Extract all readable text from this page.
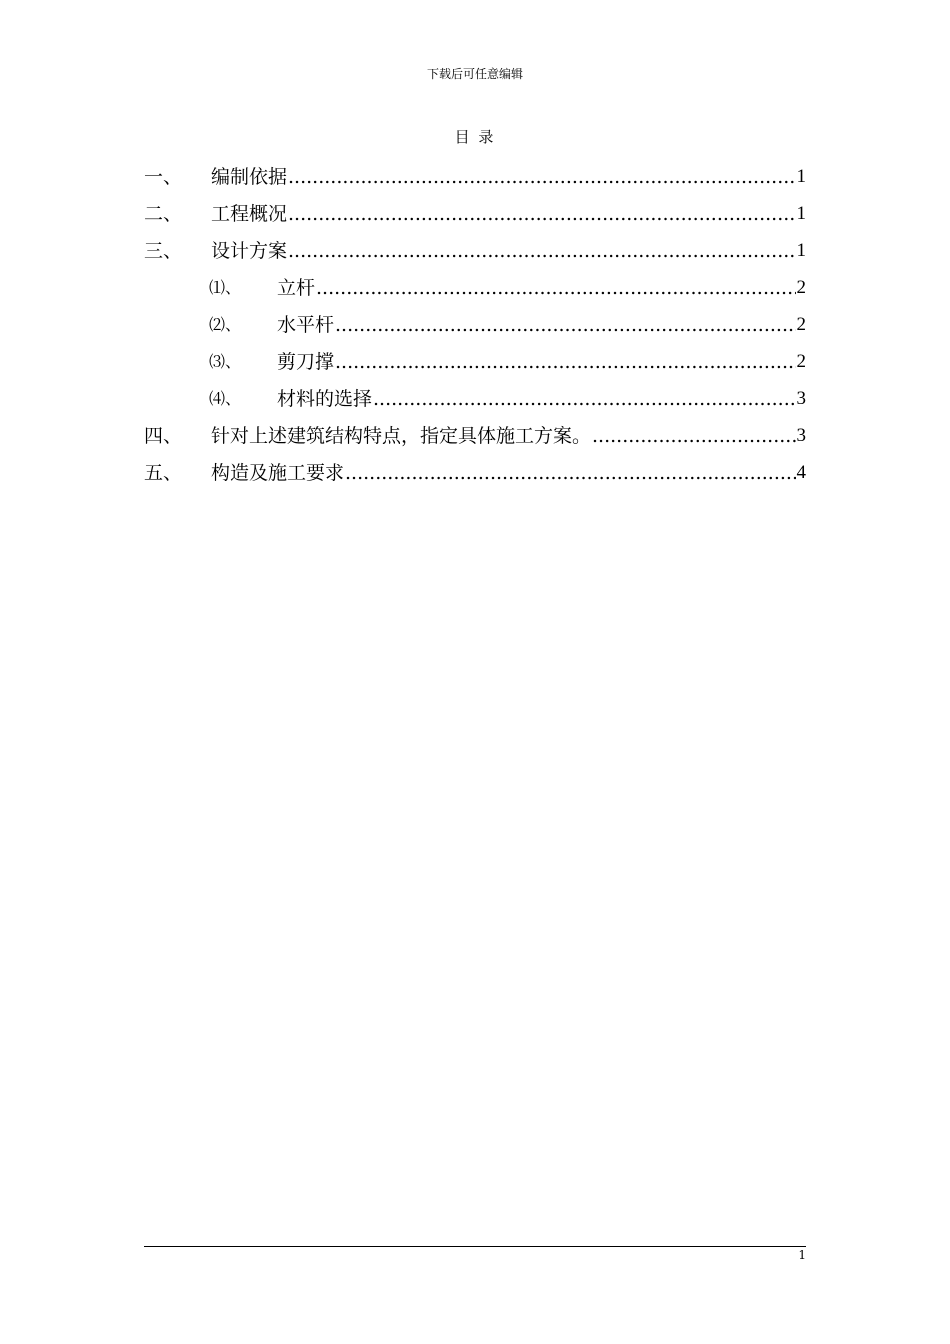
下载后可任意编辑
目 录
一、	编制依据 .....	1
二、	工程概况 .....	1
三、	设计方案 .....	1
⑴、	立杆 .....	2
⑵、	水平杆 .....	2
⑶、	剪刀撑 .....	2
⑷、	材料的选择 .....	3
四、	针对上述建筑结构特点，指定具体施工方案。 .....	3
五、	构造及施工要求 .....	4
1
